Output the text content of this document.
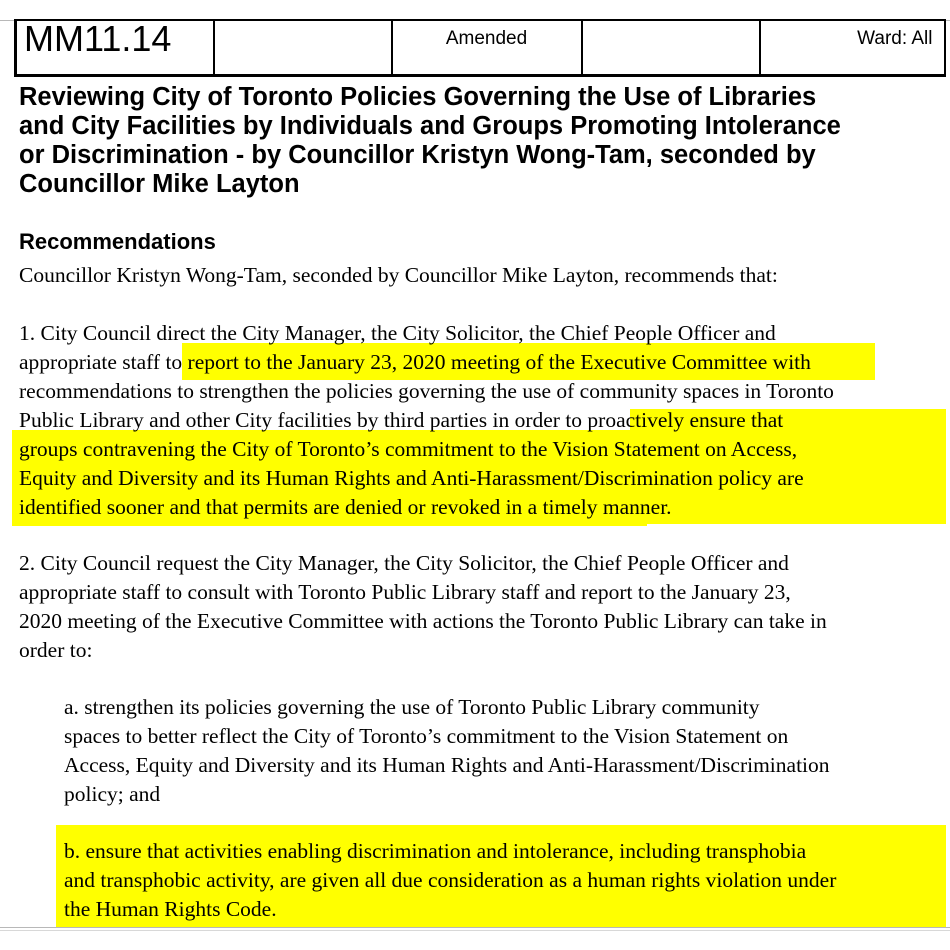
MM11.14		Amended		Ward: All
Reviewing City of Toronto Policies Governing the Use of Libraries
and City Facilities by Individuals and Groups Promoting Intolerance
or Discrimination - by Councillor Kristyn Wong-Tam, seconded by
Councillor Mike Layton
Recommendations

Councillor Kristyn Wong-Tam, seconded by Councillor Mike Layton, recommends that:

1. City Council direct the City Manager, the City Solicitor, the Chief People Officer and
appropriate staff to report to the January 23, 2020 meeting of the Executive Committee with
recommendations to strengthen the policies governing the use of community spaces in Toronto
Public Library and other City facilities by third parties in order to proactively ensure that
groups contravening the City of Toronto’s commitment to the Vision Statement on Access,
Equity and Diversity and its Human Rights and Anti-Harassment/Discrimination policy are
identified sooner and that permits are denied or revoked in a timely manner.
2. City Council request the City Manager, the City Solicitor, the Chief People Officer and
appropriate staff to consult with Toronto Public Library staff and report to the January 23,
2020 meeting of the Executive Committee with actions the Toronto Public Library can take in
order to:
a. strengthen its policies governing the use of Toronto Public Library community
spaces to better reflect the City of Toronto’s commitment to the Vision Statement on
Access, Equity and Diversity and its Human Rights and Anti-Harassment/Discrimination
policy; and
b. ensure that activities enabling discrimination and intolerance, including transphobia
and transphobic activity, are given all due consideration as a human rights violation under
the Human Rights Code.
